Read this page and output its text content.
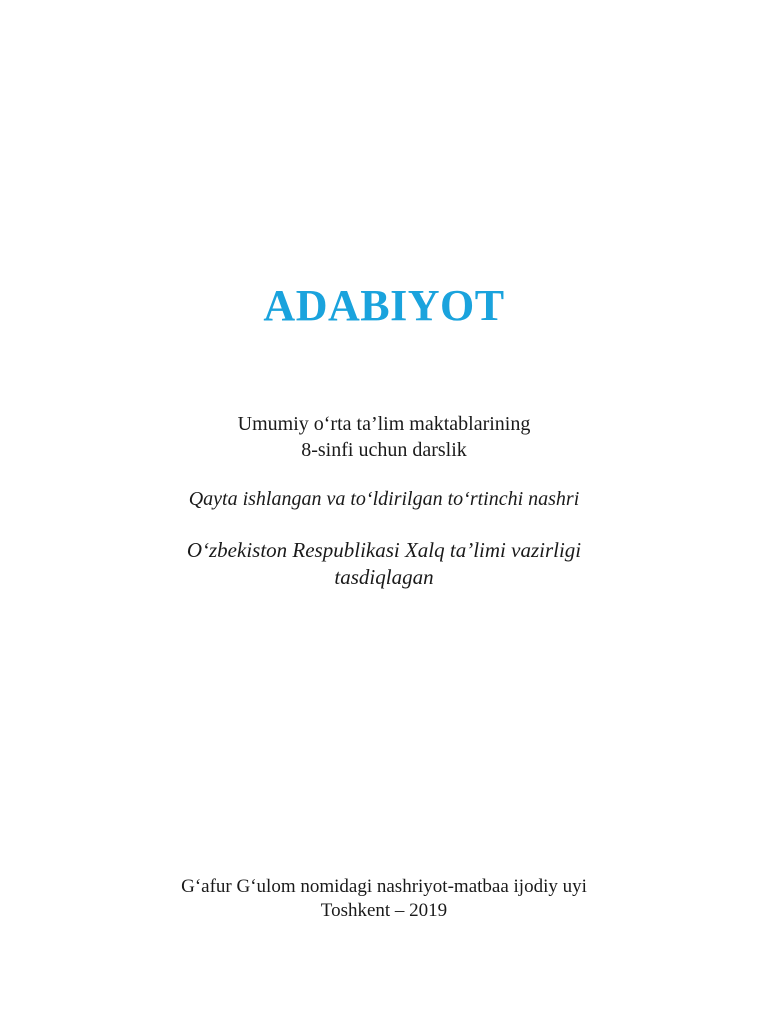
ADABIYOT
Umumiy o‘rta ta’lim maktablarining
8-sinfi uchun darslik
Qayta ishlangan va to‘ldirilgan to‘rtinchi nashri
O‘zbekiston Respublikasi Xalq ta’limi vazirligi
tasdiqlagan
G‘afur G‘ulom nomidagi nashriyot-matbaa ijodiy uyi
Toshkent – 2019
